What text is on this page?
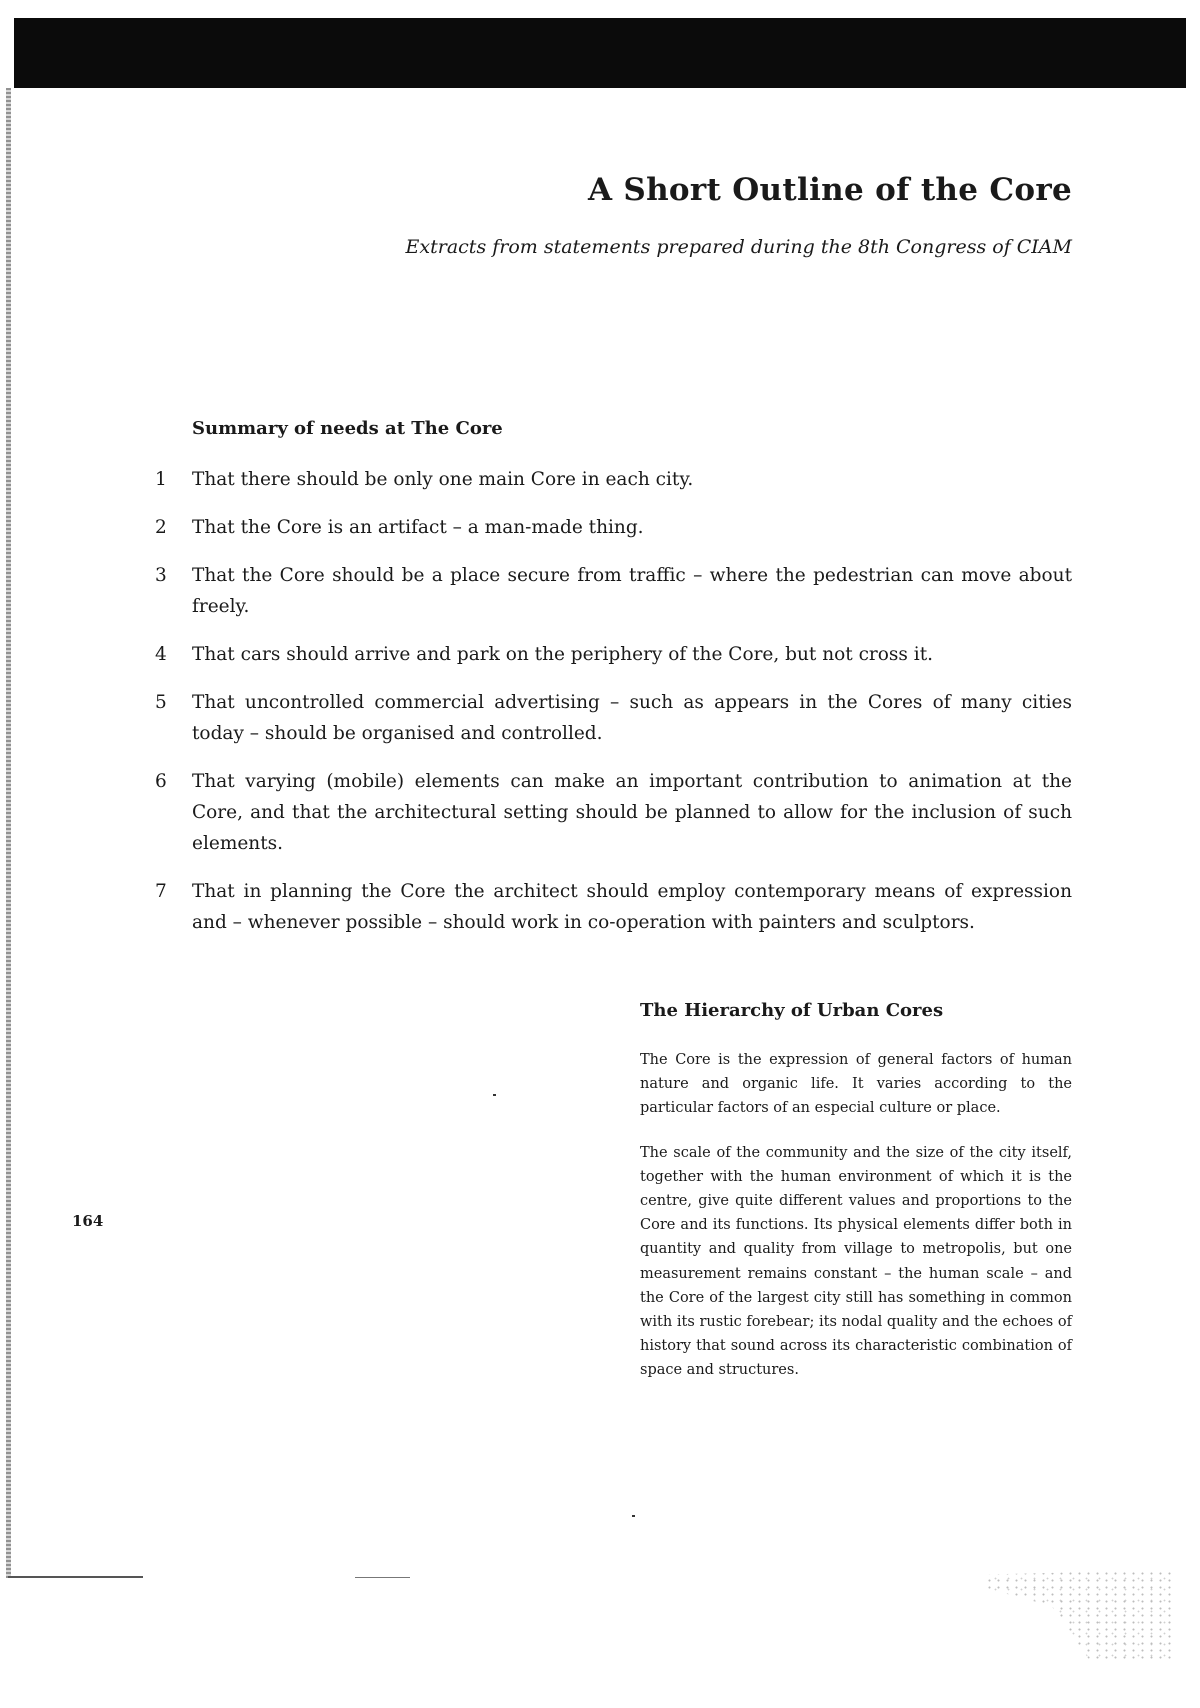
A Short Outline of the Core

Extracts from statements prepared during the 8th Congress of CIAM

Summary of needs at The Core
1 That there should be only one main Core in each city.
2 That the Core is an artifact – a man-made thing.
3 That the Core should be a place secure from traffic – where the pedestrian can move about freely.
4 That cars should arrive and park on the periphery of the Core, but not cross it.
5 That uncontrolled commercial advertising – such as appears in the Cores of many cities today – should be organised and controlled.
6 That varying (mobile) elements can make an important contribution to animation at the Core, and that the architectural setting should be planned to allow for the inclusion of such elements.
7 That in planning the Core the architect should employ contemporary means of expression and – whenever possible – should work in co-operation with painters and sculptors.
The Hierarchy of Urban Cores

The Core is the expression of general factors of human nature and organic life. It varies according to the particular factors of an especial culture or place.

The scale of the community and the size of the city itself, together with the human environment of which it is the centre, give quite different values and proportions to the Core and its functions. Its physical elements differ both in quantity and quality from village to metropolis, but one measurement remains constant – the human scale – and the Core of the largest city still has something in common with its rustic forebear; its nodal quality and the echoes of history that sound across its characteristic combination of space and structures.

164
